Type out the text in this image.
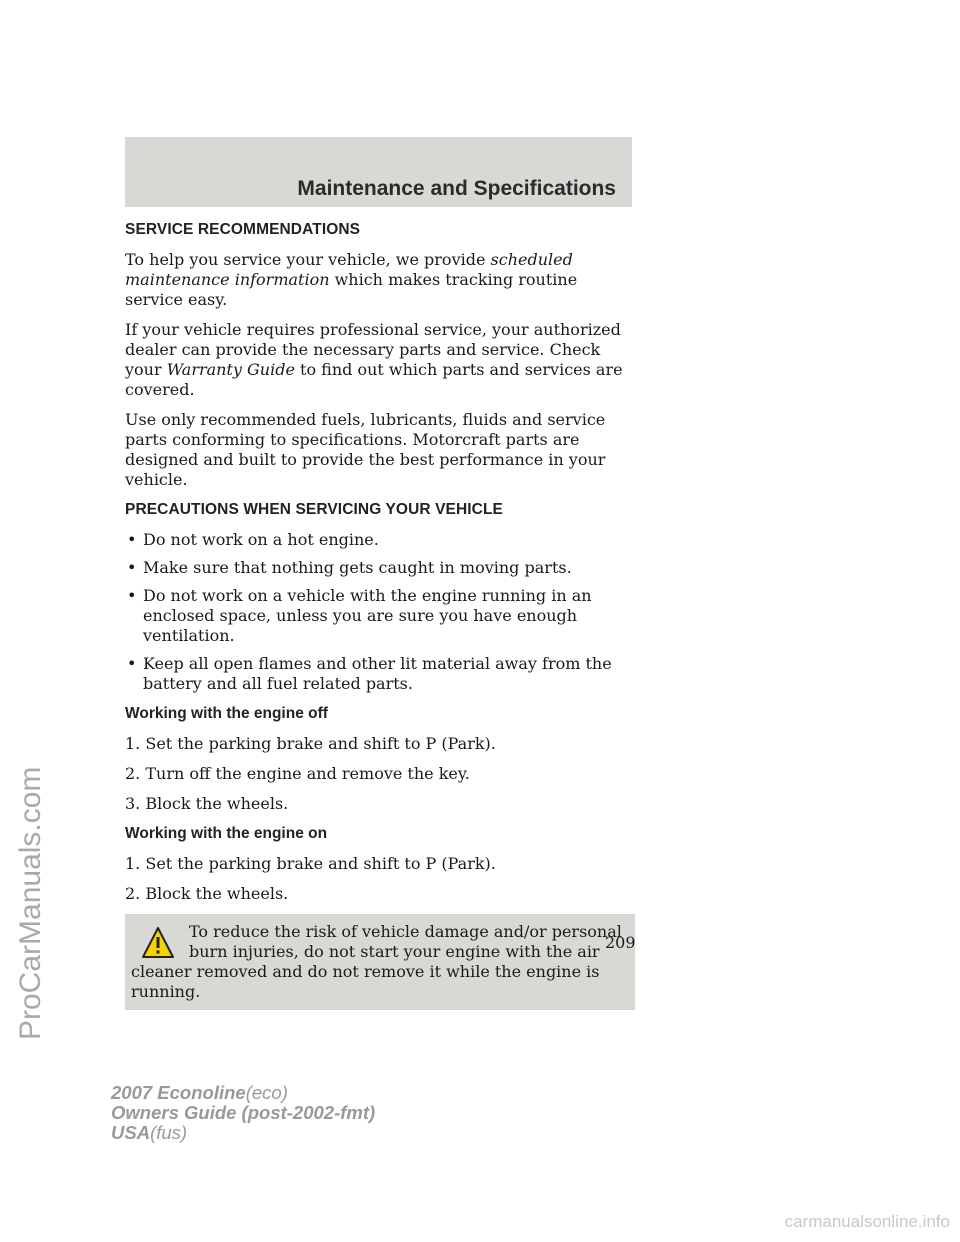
Maintenance and Specifications
SERVICE RECOMMENDATIONS

To help you service your vehicle, we provide scheduled maintenance information which makes tracking routine service easy.

If your vehicle requires professional service, your authorized dealer can provide the necessary parts and service. Check your Warranty Guide to find out which parts and services are covered.

Use only recommended fuels, lubricants, fluids and service parts conforming to specifications. Motorcraft parts are designed and built to provide the best performance in your vehicle.

PRECAUTIONS WHEN SERVICING YOUR VEHICLE
• Do not work on a hot engine.
• Make sure that nothing gets caught in moving parts.
• Do not work on a vehicle with the engine running in an enclosed space, unless you are sure you have enough ventilation.
• Keep all open flames and other lit material away from the battery and all fuel related parts.
Working with the engine off

1. Set the parking brake and shift to P (Park).

2. Turn off the engine and remove the key.

3. Block the wheels.

Working with the engine on

1. Set the parking brake and shift to P (Park).

2. Block the wheels.

To reduce the risk of vehicle damage and/or personal burn injuries, do not start your engine with the air cleaner removed and do not remove it while the engine is running.
209
2007 Econoline(eco)
Owners Guide (post-2002-fmt)
USA(fus)
ProCarManuals.com
carmanualsonline.info
